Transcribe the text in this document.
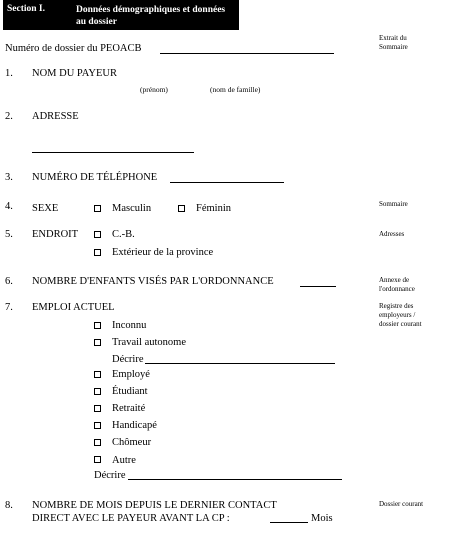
Section I.	Données démographiques et données au dossier
Extrait du
Sommaire
Sommaire
Adresses
Annexe de
l'ordonnance
Registre des
employeurs /
dossier courant
Dossier courant
Numéro de dossier du PEOACB
1. NOM DU PAYEUR
(prénom)	(nom de famille)
2. ADRESSE
3. NUMÉRO DE TÉLÉPHONE
4. SEXE	Masculin	Féminin
5. ENDROIT	C.-B.
Extérieur de la province
6. NOMBRE D'ENFANTS VISÉS PAR L'ORDONNANCE
7. EMPLOI ACTUEL
Inconnu
Travail autonome
Décrire
Employé
Étudiant
Retraité
Handicapé
Chômeur
Autre
Décrire
8. NOMBRE DE MOIS DEPUIS LE DERNIER CONTACT
DIRECT AVEC LE PAYEUR AVANT LA CP :	Mois
